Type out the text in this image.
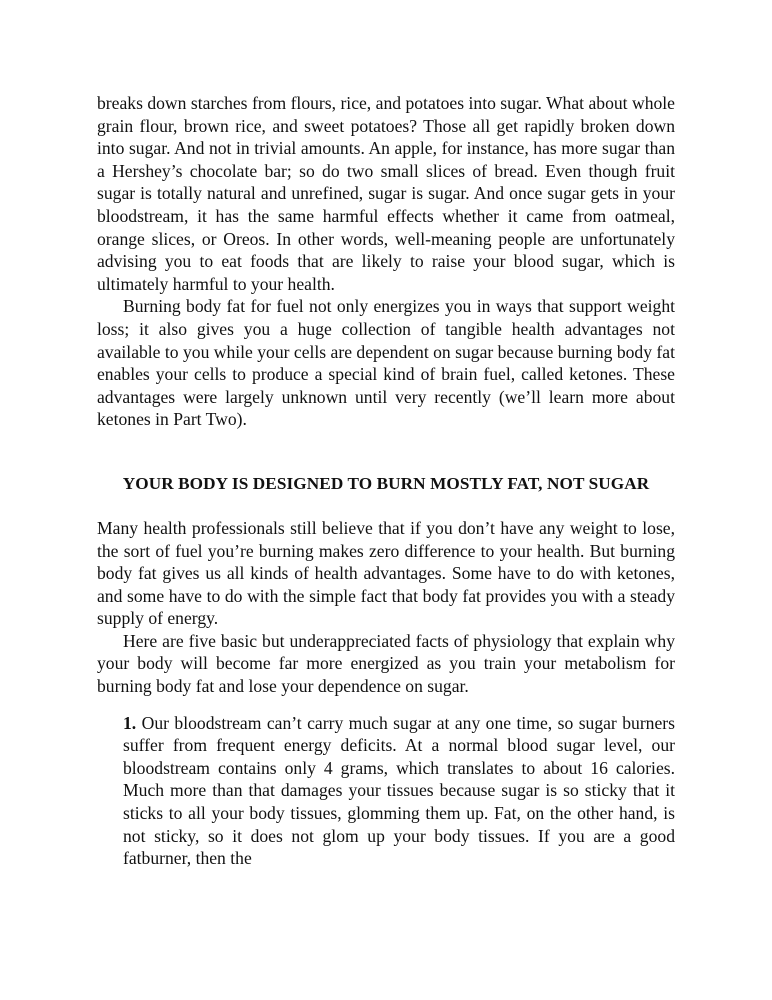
breaks down starches from flours, rice, and potatoes into sugar. What about whole grain flour, brown rice, and sweet potatoes? Those all get rapidly broken down into sugar. And not in trivial amounts. An apple, for instance, has more sugar than a Hershey’s chocolate bar; so do two small slices of bread. Even though fruit sugar is totally natural and unrefined, sugar is sugar. And once sugar gets in your bloodstream, it has the same harmful effects whether it came from oatmeal, orange slices, or Oreos. In other words, well-meaning people are unfortunately advising you to eat foods that are likely to raise your blood sugar, which is ultimately harmful to your health.

Burning body fat for fuel not only energizes you in ways that support weight loss; it also gives you a huge collection of tangible health advantages not available to you while your cells are dependent on sugar because burning body fat enables your cells to produce a special kind of brain fuel, called ketones. These advantages were largely unknown until very recently (we’ll learn more about ketones in Part Two).

YOUR BODY IS DESIGNED TO BURN MOSTLY FAT, NOT SUGAR

Many health professionals still believe that if you don’t have any weight to lose, the sort of fuel you’re burning makes zero difference to your health. But burning body fat gives us all kinds of health advantages. Some have to do with ketones, and some have to do with the simple fact that body fat provides you with a steady supply of energy.

Here are five basic but underappreciated facts of physiology that explain why your body will become far more energized as you train your metabolism for burning body fat and lose your dependence on sugar.

1. Our bloodstream can’t carry much sugar at any one time, so sugar burners suffer from frequent energy deficits. At a normal blood sugar level, our bloodstream contains only 4 grams, which translates to about 16 calories. Much more than that damages your tissues because sugar is so sticky that it sticks to all your body tissues, glomming them up. Fat, on the other hand, is not sticky, so it does not glom up your body tissues. If you are a good fatburner, then the
